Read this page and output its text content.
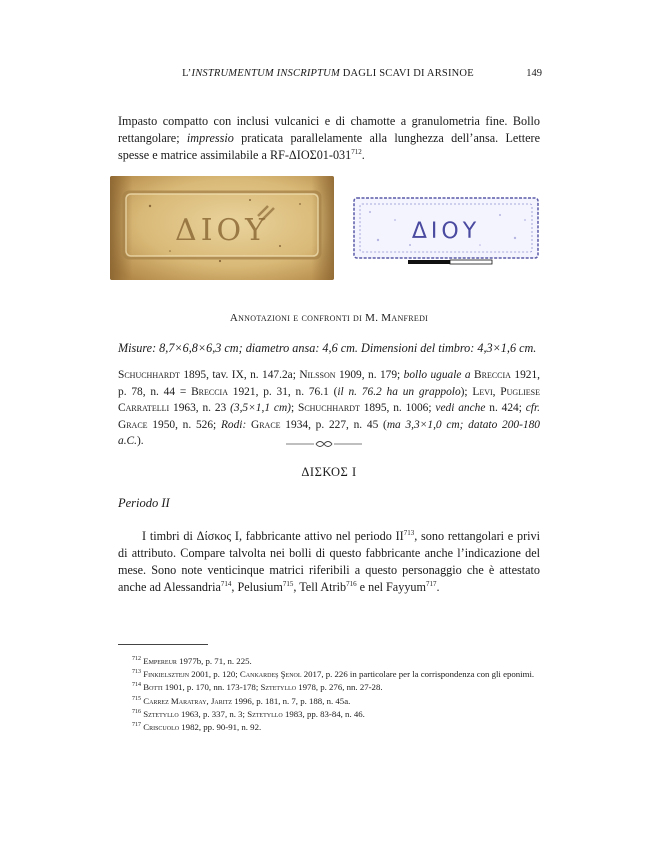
L’INSTRUMENTUM INSCRIPTUM DAGLI SCAVI DI ARSINOE	149
Impasto compatto con inclusi vulcanici e di chamotte a granulometria fine. Bollo rettangolare; impressio praticata parallelamente alla lunghezza dell’ansa. Lettere spesse e matrice assimilabile a $RF-\Delta IO\Sigma 01-031^{712}$.
ΔΙΟΥ	ΔΙΟΥ
Annotazioni e confronti di M. Manfredi
Misure: 8,7×6,8×6,3 cm; diametro ansa: 4,6 cm. Dimensioni del timbro: 4,3×1,6 cm.
Schuchhardt 1895, tav. IX, n. 147.2a; Nilsson 1909, n. 179; bollo uguale a Breccia 1921, p. 78, n. 44 = Breccia 1921, p. 31, n. 76.1 (il n. 76.2 ha un grappolo); Levi, Pugliese Carratelli 1963, n. 23 (3,5×1,1 cm); Schuchhardt 1895, n. 1006; vedi anche n. 424; cfr. Grace 1950, n. 526; Rodi: Grace 1934, p. 227, n. 45 (ma 3,3×1,0 cm; datato 200-180 a.C.).
ΔΙΣΚΟΣ I
Periodo II
I timbri di Δίσκος I, fabbricante attivo nel periodo II$^{713}$, sono rettangolari e privi di attributo. Compare talvolta nei bolli di questo fabbricante anche l’indicazione del mese. Sono note venticinque matrici riferibili a questo personaggio che è attestato anche ad Alessandria$^{714}$, Pelusium$^{715}$, Tell Atrib$^{716}$ e nel Fayyum$^{717}$.

$^{712}$ Empereur 1977b, p. 71, n. 225.

$^{713}$ Finkielsztejn 2001, p. 120; Cankardeş Şenol 2017, p. 226 in particolare per la corrispondenza con gli eponimi.

$^{714}$ Botti 1901, p. 170, nn. 173-178; Sztetyllo 1978, p. 276, nn. 27-28.

$^{715}$ Carrez Maratray, Jaritz 1996, p. 181, n. 7, p. 188, n. 45a.

$^{716}$ Sztetyllo 1963, p. 337, n. 3; Sztetyllo 1983, pp. 83-84, n. 46.

$^{717}$ Criscuolo 1982, pp. 90-91, n. 92.
